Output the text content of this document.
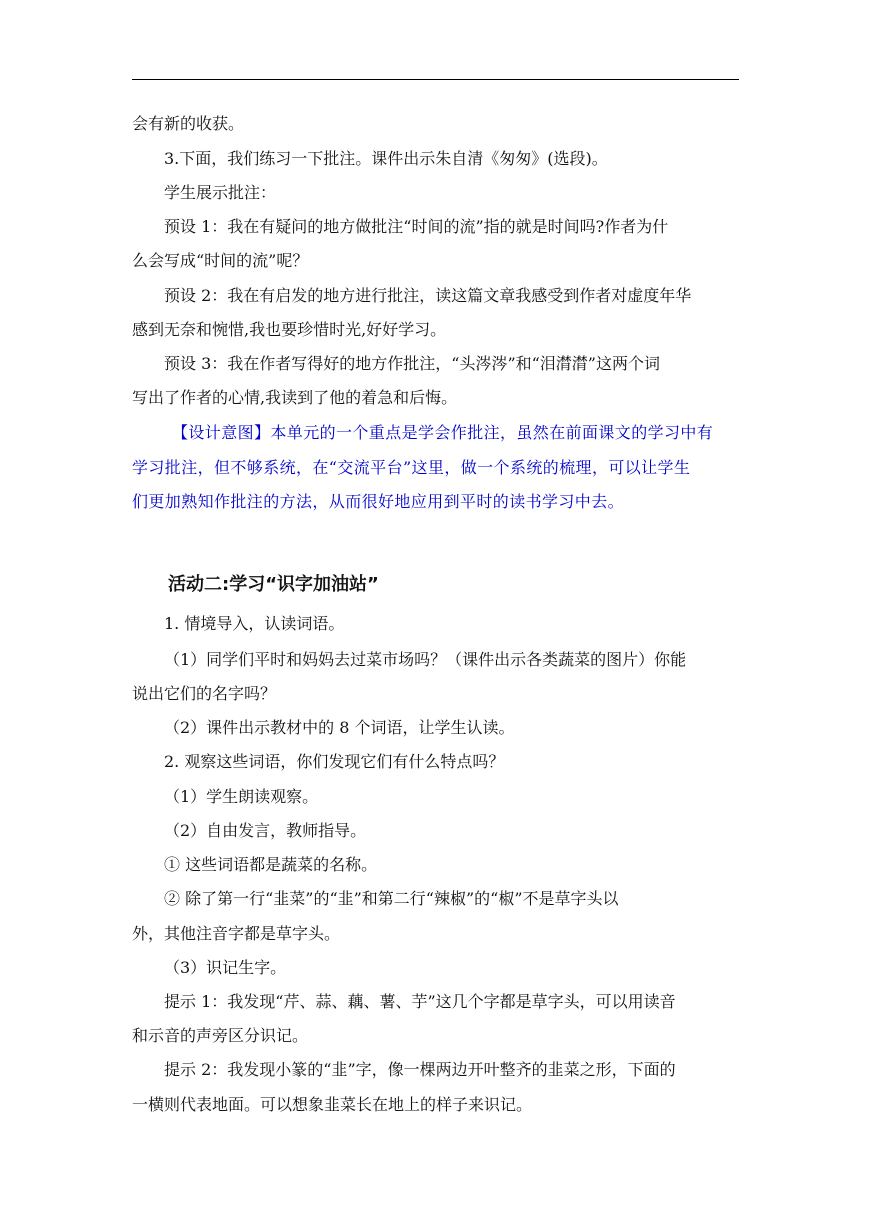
会有新的收获。
3.下面，我们练习一下批注。课件出示朱自清《匆匆》(选段)。
学生展示批注：
预设 1：我在有疑问的地方做批注“时间的流”指的就是时间吗?作者为什
么会写成“时间的流”呢？
预设 2：我在有启发的地方进行批注，读这篇文章我感受到作者对虚度年华
感到无奈和惋惜,我也要珍惜时光,好好学习。
预设 3：我在作者写得好的地方作批注，“头涔涔”和“泪潸潸”这两个词
写出了作者的心情,我读到了他的着急和后悔。
【设计意图】本单元的一个重点是学会作批注，虽然在前面课文的学习中有
学习批注，但不够系统，在“交流平台”这里，做一个系统的梳理，可以让学生
们更加熟知作批注的方法，从而很好地应用到平时的读书学习中去。
活动二:学习“识字加油站”
1. 情境导入，认读词语。
（1）同学们平时和妈妈去过菜市场吗？（课件出示各类蔬菜的图片）你能
说出它们的名字吗？
（2）课件出示教材中的 8 个词语，让学生认读。
2. 观察这些词语，你们发现它们有什么特点吗？
（1）学生朗读观察。
（2）自由发言，教师指导。
① 这些词语都是蔬菜的名称。
② 除了第一行“韭菜”的“韭”和第二行“辣椒”的“椒”不是草字头以
外，其他注音字都是草字头。
（3）识记生字。
提示 1：我发现“芹、蒜、藕、薯、芋”这几个字都是草字头，可以用读音
和示音的声旁区分识记。
提示 2：我发现小篆的“韭”字，像一棵两边开叶整齐的韭菜之形，下面的
一横则代表地面。可以想象韭菜长在地上的样子来识记。
